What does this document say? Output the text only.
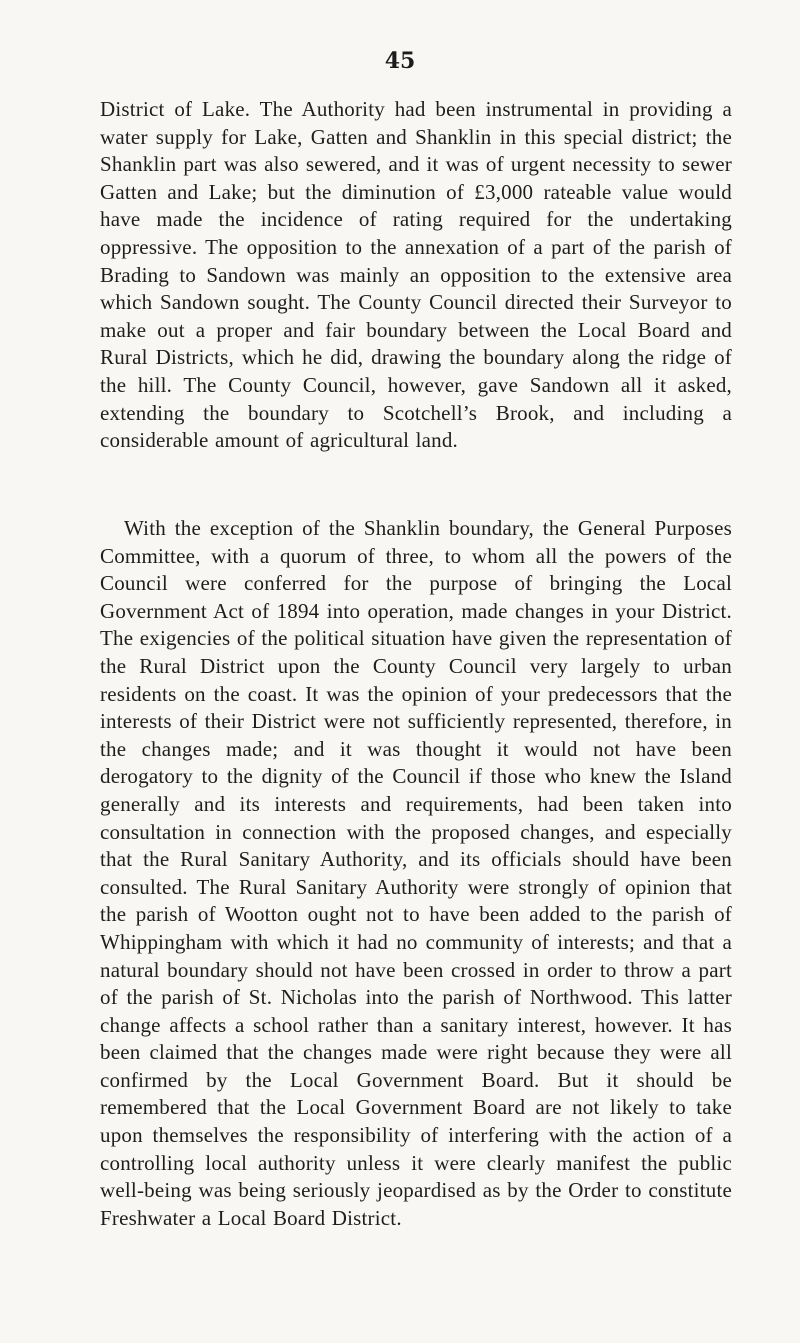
45
District of Lake. The Authority had been instrumental in providing a water supply for Lake, Gatten and Shanklin in this special district; the Shanklin part was also sewered, and it was of urgent necessity to sewer Gatten and Lake; but the diminution of £3,000 rateable value would have made the incidence of rating required for the undertaking oppressive. The opposition to the annexation of a part of the parish of Brading to Sandown was mainly an opposition to the extensive area which Sandown sought. The County Council directed their Surveyor to make out a proper and fair boundary between the Local Board and Rural Districts, which he did, drawing the boundary along the ridge of the hill. The County Council, however, gave Sandown all it asked, extending the boundary to Scotchell’s Brook, and including a considerable amount of agricultural land.
With the exception of the Shanklin boundary, the General Purposes Committee, with a quorum of three, to whom all the powers of the Council were conferred for the purpose of bringing the Local Government Act of 1894 into operation, made changes in your District. The exigencies of the political situation have given the representation of the Rural District upon the County Council very largely to urban residents on the coast. It was the opinion of your predecessors that the interests of their District were not sufficiently represented, therefore, in the changes made; and it was thought it would not have been derogatory to the dignity of the Council if those who knew the Island generally and its interests and requirements, had been taken into consultation in connection with the proposed changes, and especially that the Rural Sanitary Authority, and its officials should have been consulted. The Rural Sanitary Authority were strongly of opinion that the parish of Wootton ought not to have been added to the parish of Whippingham with which it had no community of interests; and that a natural boundary should not have been crossed in order to throw a part of the parish of St. Nicholas into the parish of Northwood. This latter change affects a school rather than a sanitary interest, however. It has been claimed that the changes made were right because they were all confirmed by the Local Government Board. But it should be remembered that the Local Government Board are not likely to take upon themselves the responsibility of interfering with the action of a controlling local authority unless it were clearly manifest the public well-being was being seriously jeopardised as by the Order to constitute Freshwater a Local Board District.
